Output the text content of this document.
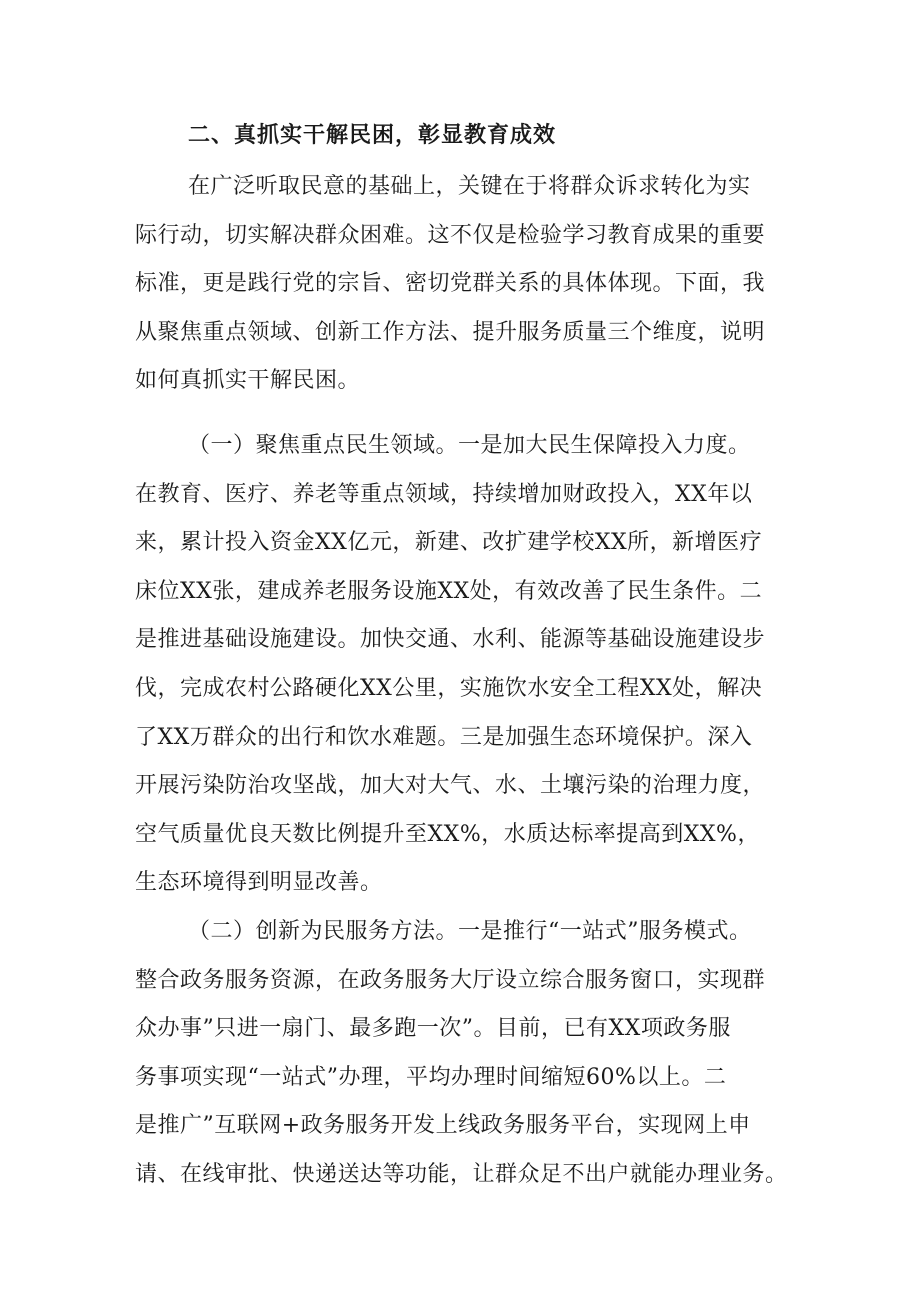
二、真抓实干解民困，彰显教育成效
在广泛听取民意的基础上，关键在于将群众诉求转化为实
际行动，切实解决群众困难。这不仅是检验学习教育成果的重要
标准，更是践行党的宗旨、密切党群关系的具体体现。下面，我
从聚焦重点领域、创新工作方法、提升服务质量三个维度，说明
如何真抓实干解民困。
（一）聚焦重点民生领域。一是加大民生保障投入力度。
在教育、医疗、养老等重点领域，持续增加财政投入，XX年以
来，累计投入资金XX亿元，新建、改扩建学校XX所，新增医疗
床位XX张，建成养老服务设施XX处，有效改善了民生条件。二
是推进基础设施建设。加快交通、水利、能源等基础设施建设步
伐，完成农村公路硬化XX公里，实施饮水安全工程XX处，解决
了XX万群众的出行和饮水难题。三是加强生态环境保护。深入
开展污染防治攻坚战，加大对大气、水、土壤污染的治理力度，
空气质量优良天数比例提升至XX%，水质达标率提高到XX%，
生态环境得到明显改善。
（二）创新为民服务方法。一是推行“一站式”服务模式。
整合政务服务资源，在政务服务大厅设立综合服务窗口，实现群
众办事”只进一扇门、最多跑一次”。目前，已有XX项政务服
务事项实现“一站式”办理，平均办理时间缩短60%以上。二
是推广”互联网+政务服务开发上线政务服务平台，实现网上申
请、在线审批、快递送达等功能，让群众足不出户就能办理业务。
